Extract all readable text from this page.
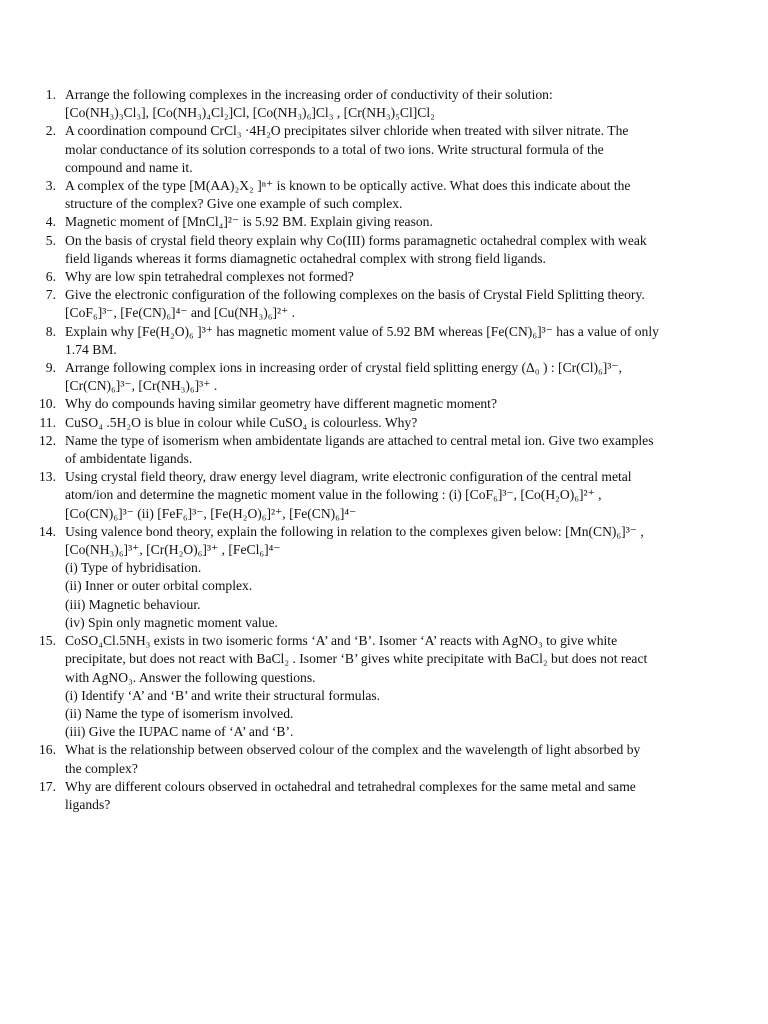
1. Arrange the following complexes in the increasing order of conductivity of their solution:
[Co(NH₃)₃Cl₃], [Co(NH₃)₄Cl₂]Cl, [Co(NH₃)₆]Cl₃ , [Cr(NH₃)₅Cl]Cl₂
2. A coordination compound CrCl₃ ·4H₂O precipitates silver chloride when treated with silver nitrate. The
molar conductance of its solution corresponds to a total of two ions. Write structural formula of the
compound and name it.
3. A complex of the type [M(AA)₂X₂ ]ⁿ⁺ is known to be optically active. What does this indicate about the
structure of the complex? Give one example of such complex.
4. Magnetic moment of [MnCl₄]²⁻ is 5.92 BM. Explain giving reason.
5. On the basis of crystal field theory explain why Co(III) forms paramagnetic octahedral complex with weak
field ligands whereas it forms diamagnetic octahedral complex with strong field ligands.
6. Why are low spin tetrahedral complexes not formed?
7. Give the electronic configuration of the following complexes on the basis of Crystal Field Splitting theory.
[CoF₆]³⁻, [Fe(CN)₆]⁴⁻ and [Cu(NH₃)₆]²⁺ .
8. Explain why [Fe(H₂O)₆ ]³⁺ has magnetic moment value of 5.92 BM whereas [Fe(CN)₆]³⁻ has a value of only
1.74 BM.
9. Arrange following complex ions in increasing order of crystal field splitting energy (Δ₀ ) : [Cr(Cl)₆]³⁻,
[Cr(CN)₆]³⁻, [Cr(NH₃)₆]³⁺ .
10. Why do compounds having similar geometry have different magnetic moment?
11. CuSO₄ .5H₂O is blue in colour while CuSO₄ is colourless. Why?
12. Name the type of isomerism when ambidentate ligands are attached to central metal ion. Give two examples
of ambidentate ligands.
13. Using crystal field theory, draw energy level diagram, write electronic configuration of the central metal
atom/ion and determine the magnetic moment value in the following : (i) [CoF₆]³⁻, [Co(H₂O)₆]²⁺ ,
[Co(CN)₆]³⁻ (ii) [FeF₆]³⁻, [Fe(H₂O)₆]²⁺, [Fe(CN)₆]⁴⁻
14. Using valence bond theory, explain the following in relation to the complexes given below: [Mn(CN)₆]³⁻ ,
[Co(NH₃)₆]³⁺, [Cr(H₂O)₆]³⁺ , [FeCl₆]⁴⁻
(i) Type of hybridisation.
(ii) Inner or outer orbital complex.
(iii) Magnetic behaviour.
(iv) Spin only magnetic moment value.
15. CoSO₄Cl.5NH₃ exists in two isomeric forms ‘A’ and ‘B’. Isomer ‘A’ reacts with AgNO₃ to give white
precipitate, but does not react with BaCl₂ . Isomer ‘B’ gives white precipitate with BaCl₂ but does not react
with AgNO₃. Answer the following questions.
(i) Identify ‘A’ and ‘B’ and write their structural formulas.
(ii) Name the type of isomerism involved.
(iii) Give the IUPAC name of ‘A’ and ‘B’.
16. What is the relationship between observed colour of the complex and the wavelength of light absorbed by
the complex?
17. Why are different colours observed in octahedral and tetrahedral complexes for the same metal and same
ligands?
